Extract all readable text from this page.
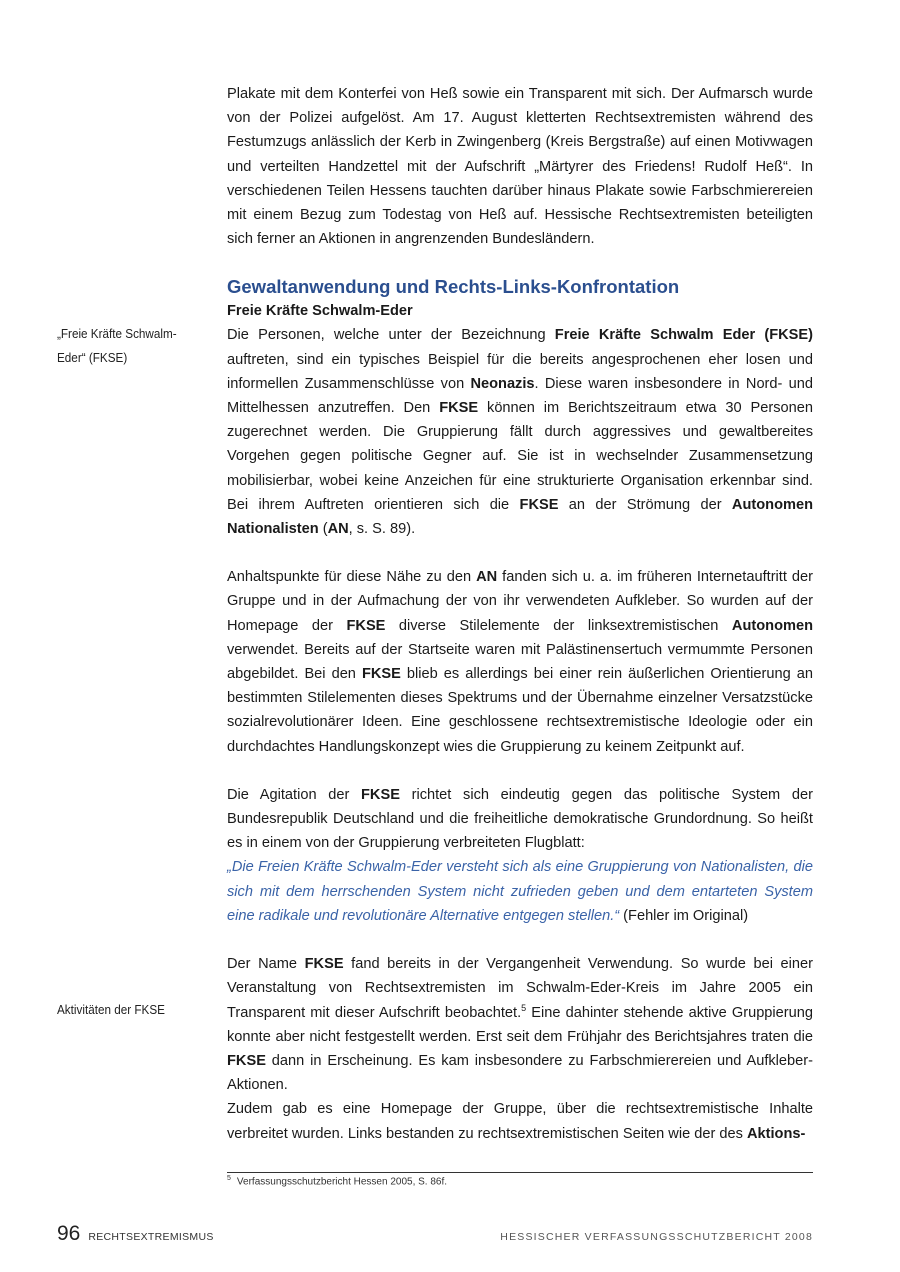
Plakate mit dem Konterfei von Heß sowie ein Transparent mit sich. Der Aufmarsch wurde von der Polizei aufgelöst. Am 17. August kletterten Rechtsextremisten während des Festumzugs anlässlich der Kerb in Zwingenberg (Kreis Bergstraße) auf einen Motivwagen und verteilten Handzettel mit der Aufschrift „Märtyrer des Friedens! Rudolf Heß“. In verschiedenen Teilen Hessens tauchten darüber hinaus Plakate sowie Farbschmierereien mit einem Bezug zum Todestag von Heß auf. Hessische Rechtsextremisten beteiligten sich ferner an Aktionen in angrenzenden Bundesländern.

Gewaltanwendung und Rechts-Links-Konfrontation
Freie Kräfte Schwalm-Eder

Die Personen, welche unter der Bezeichnung Freie Kräfte Schwalm Eder (FKSE) auftreten, sind ein typisches Beispiel für die bereits angesprochenen eher losen und informellen Zusammenschlüsse von Neonazis. Diese waren insbesondere in Nord- und Mittelhessen anzutreffen. Den FKSE können im Berichtszeitraum etwa 30 Personen zugerechnet werden. Die Gruppierung fällt durch aggressives und gewaltbereites Vorgehen gegen politische Gegner auf. Sie ist in wechselnder Zusammensetzung mobilisierbar, wobei keine Anzeichen für eine strukturierte Organisation erkennbar sind. Bei ihrem Auftreten orientieren sich die FKSE an der Strömung der Autonomen Nationalisten (AN, s. S. 89).

Anhaltspunkte für diese Nähe zu den AN fanden sich u. a. im früheren Internetauftritt der Gruppe und in der Aufmachung der von ihr verwendeten Aufkleber. So wurden auf der Homepage der FKSE diverse Stilelemente der linksextremistischen Autonomen verwendet. Bereits auf der Startseite waren mit Palästinensertuch vermummte Personen abgebildet. Bei den FKSE blieb es allerdings bei einer rein äußerlichen Orientierung an bestimmten Stilelementen dieses Spektrums und der Übernahme einzelner Versatzstücke sozialrevolutionärer Ideen. Eine geschlossene rechtsextremistische Ideologie oder ein durchdachtes Handlungskonzept wies die Gruppierung zu keinem Zeitpunkt auf.

Die Agitation der FKSE richtet sich eindeutig gegen das politische System der Bundesrepublik Deutschland und die freiheitliche demokratische Grundordnung. So heißt es in einem von der Gruppierung verbreiteten Flugblatt:
„Die Freien Kräfte Schwalm-Eder versteht sich als eine Gruppierung von Nationalisten, die sich mit dem herrschenden System nicht zufrieden geben und dem entarteten System eine radikale und revolutionäre Alternative entgegen stellen.“ (Fehler im Original)

Der Name FKSE fand bereits in der Vergangenheit Verwendung. So wurde bei einer Veranstaltung von Rechtsextremisten im Schwalm-Eder-Kreis im Jahre 2005 ein Transparent mit dieser Aufschrift beobachtet.$^5$ Eine dahinter stehende aktive Gruppierung konnte aber nicht festgestellt werden. Erst seit dem Frühjahr des Berichtsjahres traten die FKSE dann in Erscheinung. Es kam insbesondere zu Farbschmierereien und Aufkleber-Aktionen.

Zudem gab es eine Homepage der Gruppe, über die rechtsextremistische Inhalte verbreitet wurden. Links bestanden zu rechtsextremistischen Seiten wie der des Aktions-

„Freie Kräfte Schwalm-Eder“ (FKSE)
Aktivitäten der FKSE
$^5$ Verfassungsschutzbericht Hessen 2005, S. 86f.
96 RECHTSEXTREMISMUS	HESSISCHER VERFASSUNGSSCHUTZBERICHT 2008
